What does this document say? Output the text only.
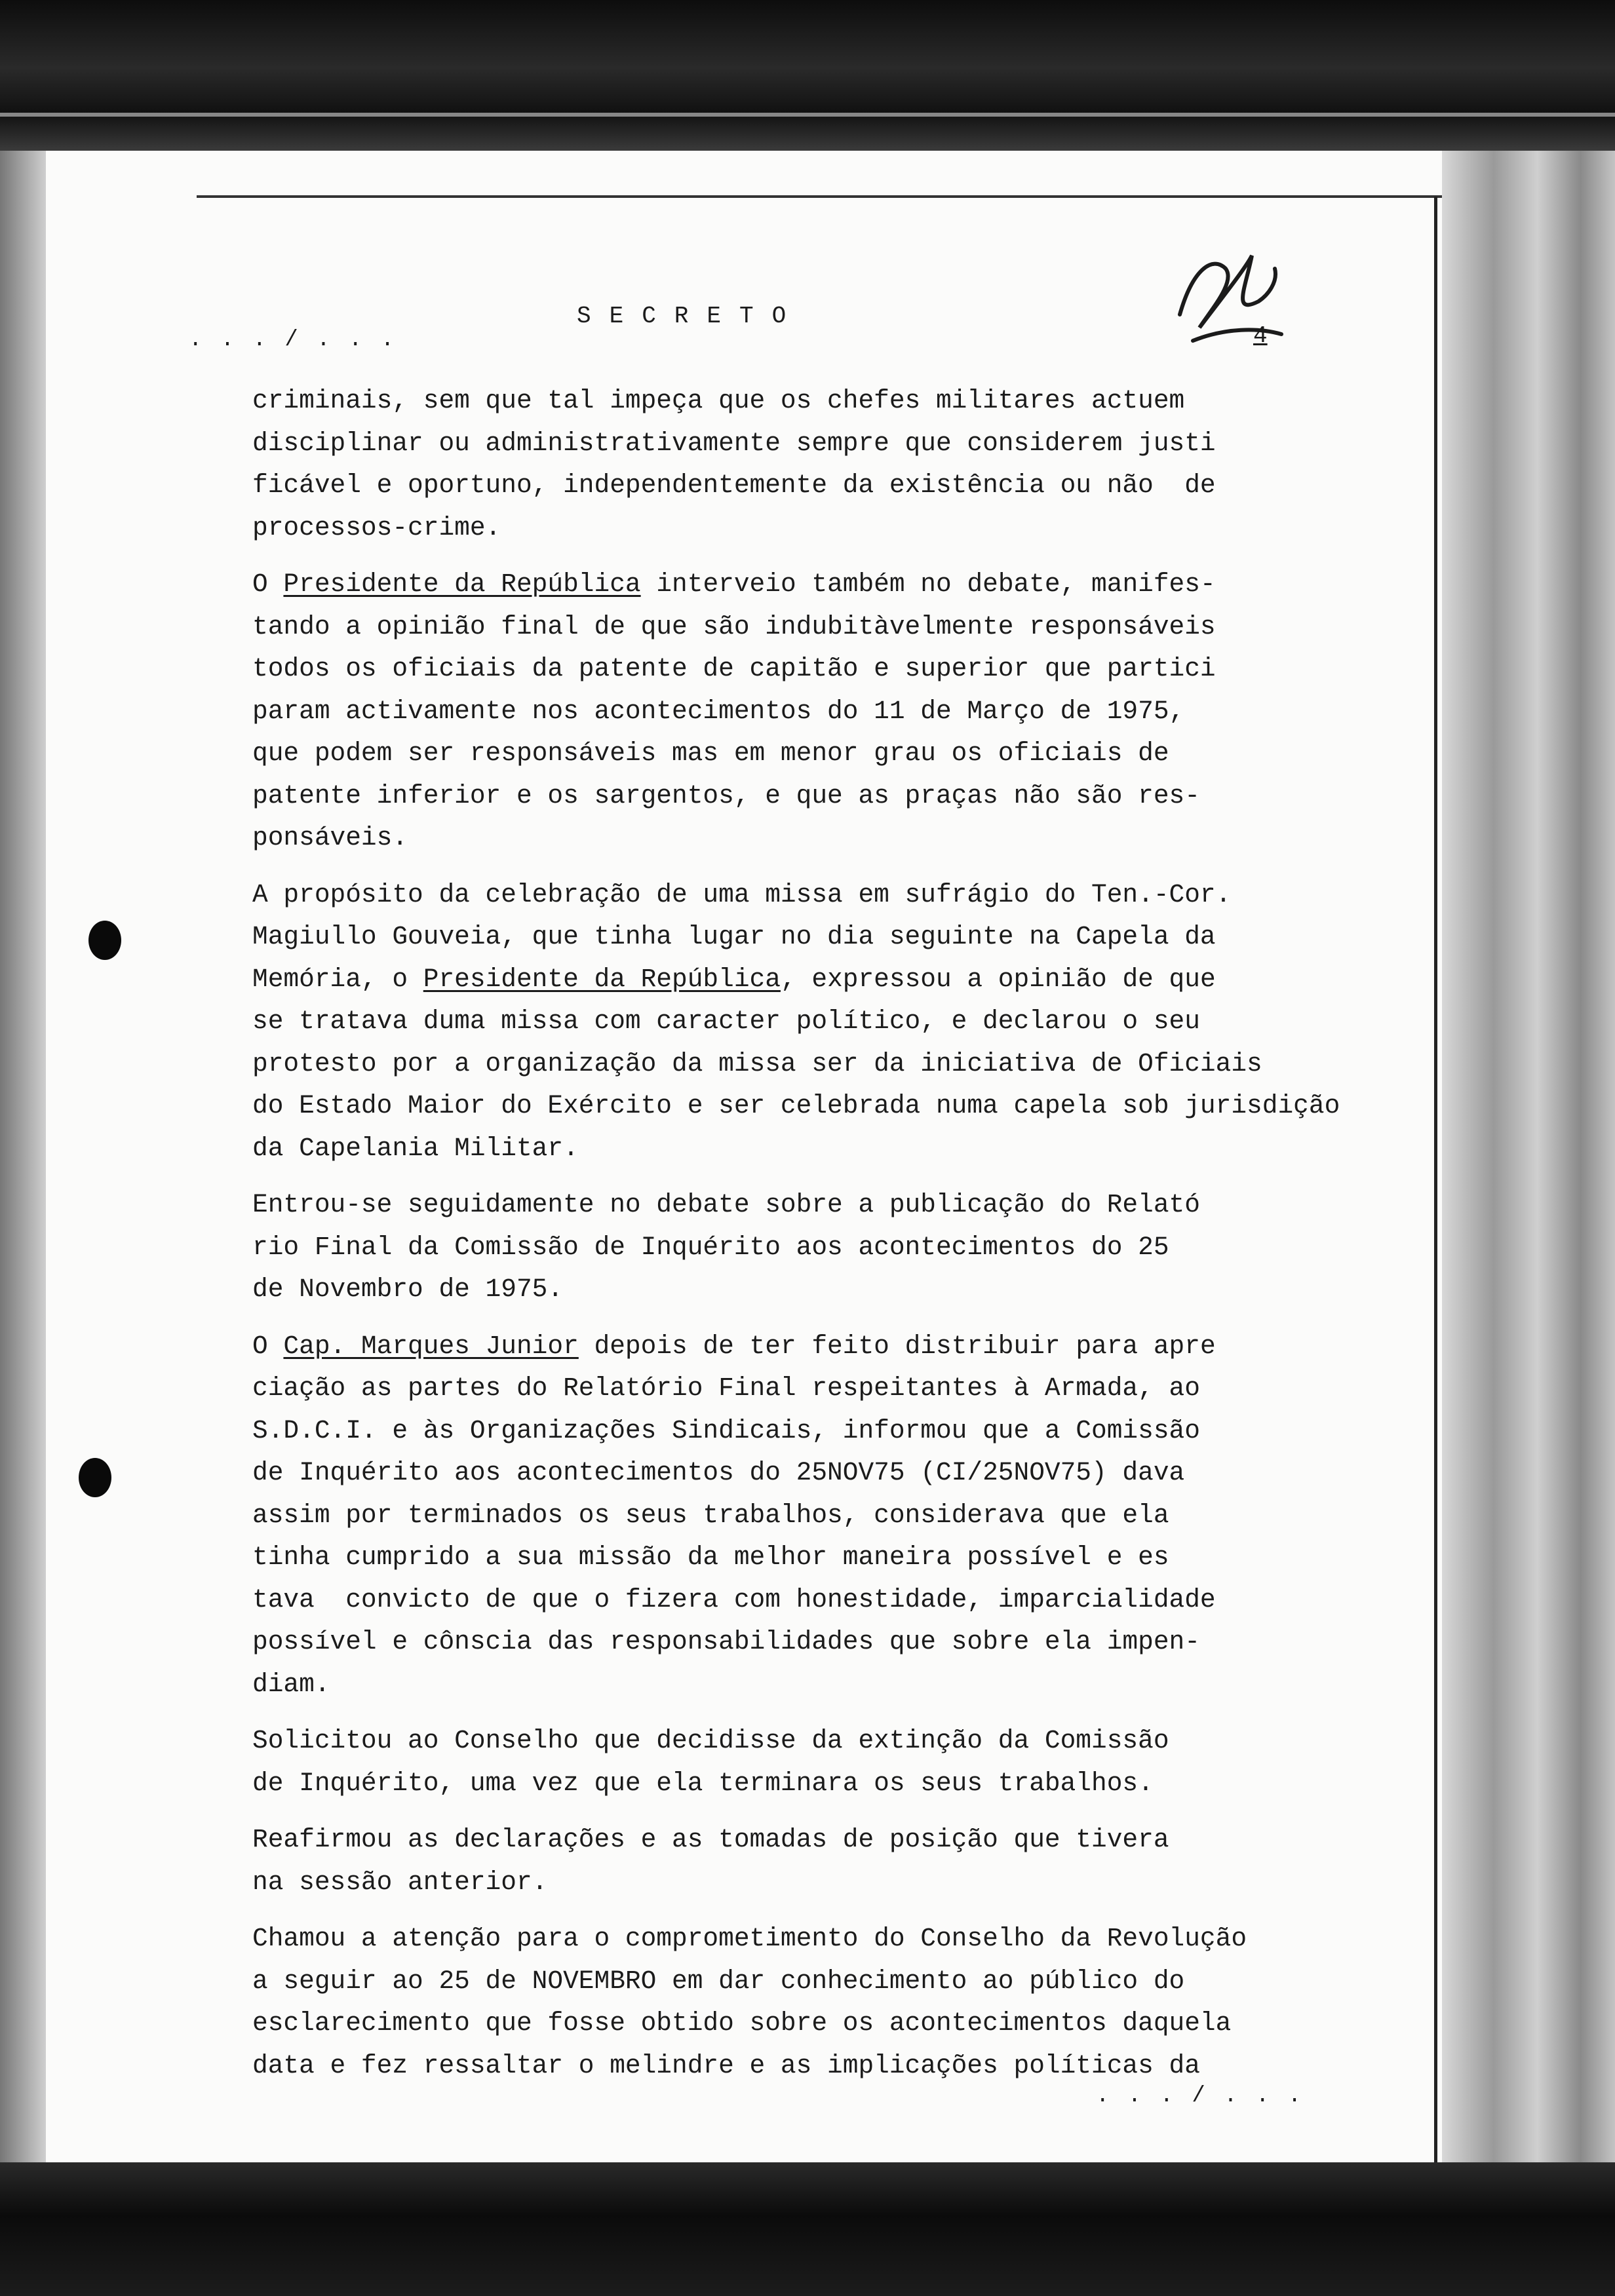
. . . / . . .
SECRETO
4

criminais, sem que tal impeça que os chefes militares actuem
disciplinar ou administrativamente sempre que considerem justi
ficável e oportuno, independentemente da existência ou não  de
processos-crime.

O Presidente da República interveio também no debate, manifes-
tando a opinião final de que são indubitàvelmente responsáveis
todos os oficiais da patente de capitão e superior que partici
param activamente nos acontecimentos do 11 de Março de 1975,
que podem ser responsáveis mas em menor grau os oficiais de
patente inferior e os sargentos, e que as praças não são res-
ponsáveis.

A propósito da celebração de uma missa em sufrágio do Ten.-Cor.
Magiullo Gouveia, que tinha lugar no dia seguinte na Capela da
Memória, o Presidente da República, expressou a opinião de que
se tratava duma missa com caracter político, e declarou o seu
protesto por a organização da missa ser da iniciativa de Oficiais
do Estado Maior do Exército e ser celebrada numa capela sob jurisdição
da Capelania Militar.

Entrou-se seguidamente no debate sobre a publicação do Relató
rio Final da Comissão de Inquérito aos acontecimentos do 25
de Novembro de 1975.

O Cap. Marques Junior depois de ter feito distribuir para apre
ciação as partes do Relatório Final respeitantes à Armada, ao
S.D.C.I. e às Organizações Sindicais, informou que a Comissão
de Inquérito aos acontecimentos do 25NOV75 (CI/25NOV75) dava
assim por terminados os seus trabalhos, considerava que ela
tinha cumprido a sua missão da melhor maneira possível e es
tava  convicto de que o fizera com honestidade, imparcialidade
possível e cônscia das responsabilidades que sobre ela impen-
diam.

Solicitou ao Conselho que decidisse da extinção da Comissão
de Inquérito, uma vez que ela terminara os seus trabalhos.

Reafirmou as declarações e as tomadas de posição que tivera
na sessão anterior.

Chamou a atenção para o comprometimento do Conselho da Revolução
a seguir ao 25 de NOVEMBRO em dar conhecimento ao público do
esclarecimento que fosse obtido sobre os acontecimentos daquela
data e fez ressaltar o melindre e as implicações políticas da

. . . / . . .
